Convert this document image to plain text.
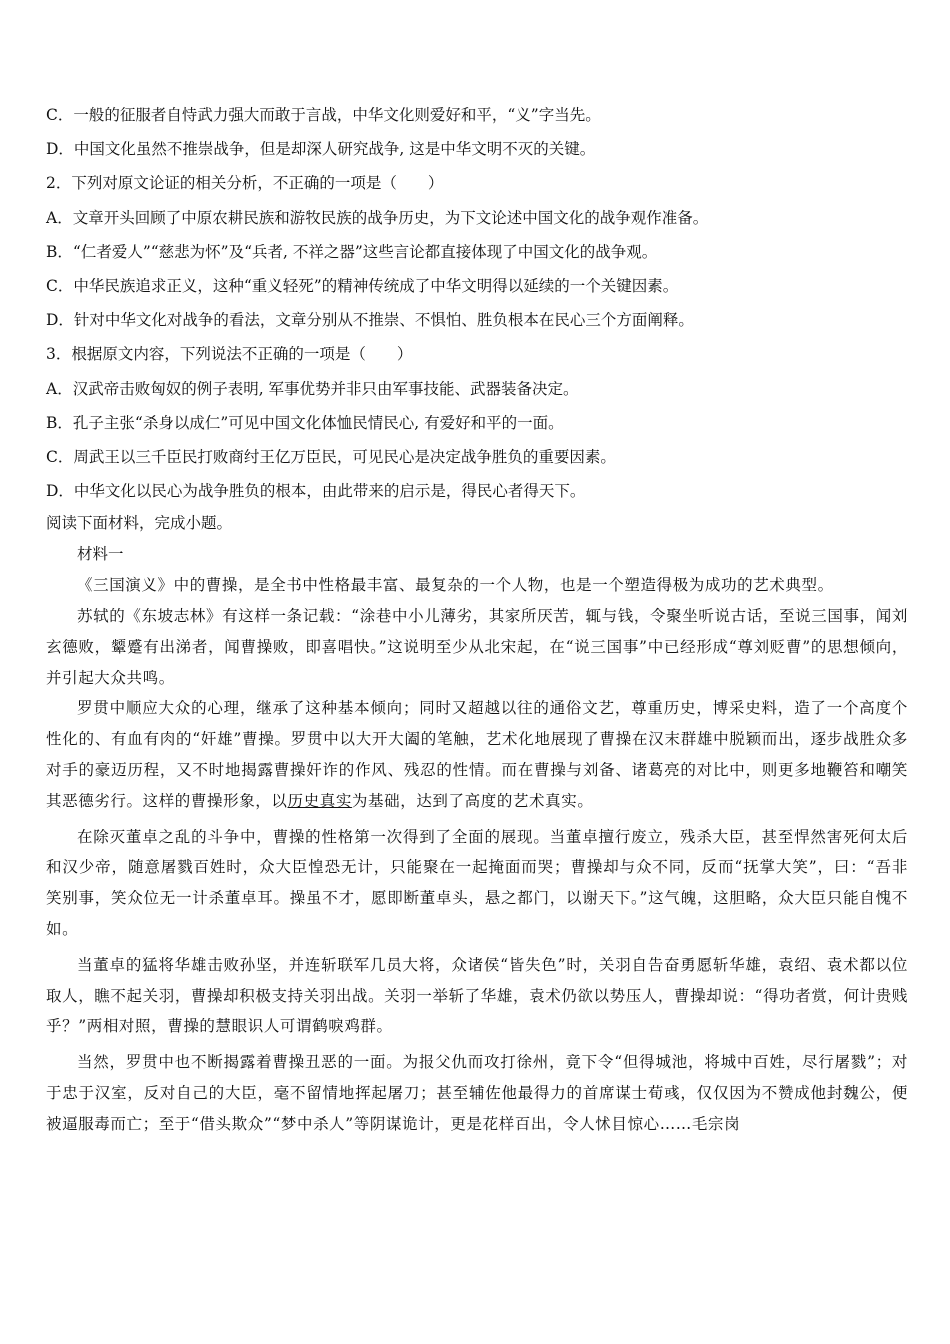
C．一般的征服者自恃武力强大而敢于言战，中华文化则爱好和平，“义”字当先。

D．中国文化虽然不推崇战争，但是却深人研究战争, 这是中华文明不灭的关键。

2．下列对原文论证的相关分析，不正确的一项是（　　）

A．文章开头回顾了中原农耕民族和游牧民族的战争历史，为下文论述中国文化的战争观作准备。

B．“仁者爱人”“慈悲为怀”及“兵者, 不祥之器”这些言论都直接体现了中国文化的战争观。

C．中华民族追求正义，这种“重义轻死”的精神传统成了中华文明得以延续的一个关键因素。

D．针对中华文化对战争的看法，文章分别从不推崇、不惧怕、胜负根本在民心三个方面阐释。

3．根据原文内容，下列说法不正确的一项是（　　）

A．汉武帝击败匈奴的例子表明, 军事优势并非只由军事技能、武器装备决定。

B．孔子主张“杀身以成仁”可见中国文化体恤民情民心, 有爱好和平的一面。

C．周武王以三千臣民打败商纣王亿万臣民，可见民心是决定战争胜负的重要因素。

D．中华文化以民心为战争胜负的根本，由此带来的启示是，得民心者得天下。

阅读下面材料，完成小题。

材料一

《三国演义》中的曹操，是全书中性格最丰富、最复杂的一个人物，也是一个塑造得极为成功的艺术典型。

苏轼的《东坡志林》有这样一条记载：“涂巷中小儿薄劣，其家所厌苦，辄与钱，令聚坐听说古话，至说三国事，闻刘玄德败，颦蹙有出涕者，闻曹操败，即喜唱快。”这说明至少从北宋起，在“说三国事”中已经形成“尊刘贬曹”的思想倾向，并引起大众共鸣。

罗贯中顺应大众的心理，继承了这种基本倾向；同时又超越以往的通俗文艺，尊重历史，博采史料，造了一个高度个性化的、有血有肉的“奸雄”曹操。罗贯中以大开大阖的笔触，艺术化地展现了曹操在汉末群雄中脱颖而出，逐步战胜众多对手的豪迈历程，又不时地揭露曹操奸诈的作风、残忍的性情。而在曹操与刘备、诸葛亮的对比中，则更多地鞭笞和嘲笑其恶德劣行。这样的曹操形象，以历史真实为基础，达到了高度的艺术真实。

在除灭董卓之乱的斗争中，曹操的性格第一次得到了全面的展现。当董卓擅行废立，残杀大臣，甚至悍然害死何太后和汉少帝，随意屠戮百姓时，众大臣惶恐无计，只能聚在一起掩面而哭；曹操却与众不同，反而“抚掌大笑”，曰：“吾非笑别事，笑众位无一计杀董卓耳。操虽不才，愿即断董卓头，悬之都门，以谢天下。”这气魄，这胆略，众大臣只能自愧不如。

当董卓的猛将华雄击败孙坚，并连斩联军几员大将，众诸侯“皆失色”时，关羽自告奋勇愿斩华雄，袁绍、袁术都以位取人，瞧不起关羽，曹操却积极支持关羽出战。关羽一举斩了华雄，袁术仍欲以势压人，曹操却说：“得功者赏，何计贵贱乎？”两相对照，曹操的慧眼识人可谓鹤唳鸡群。

当然，罗贯中也不断揭露着曹操丑恶的一面。为报父仇而攻打徐州，竟下令“但得城池，将城中百姓，尽行屠戮”；对于忠于汉室，反对自己的大臣，毫不留情地挥起屠刀；甚至辅佐他最得力的首席谋士荀彧，仅仅因为不赞成他封魏公，便被逼服毒而亡；至于“借头欺众”“梦中杀人”等阴谋诡计，更是花样百出，令人怵目惊心……毛宗岗
